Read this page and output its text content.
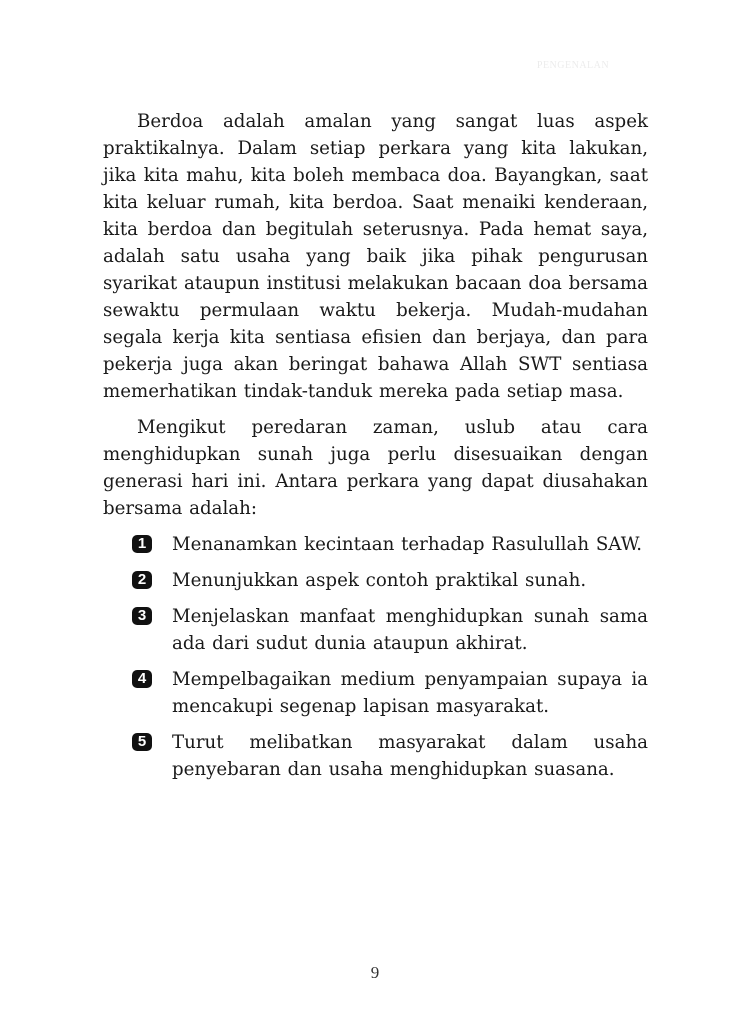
PENGENALAN

Berdoa adalah amalan yang sangat luas aspek praktikalnya. Dalam setiap perkara yang kita lakukan, jika kita mahu, kita boleh membaca doa. Bayangkan, saat kita keluar rumah, kita berdoa. Saat menaiki kenderaan, kita berdoa dan begitulah seterusnya. Pada hemat saya, adalah satu usaha yang baik jika pihak pengurusan syarikat ataupun institusi melakukan bacaan doa bersama sewaktu permulaan waktu bekerja. Mudah-mudahan segala kerja kita sentiasa efisien dan berjaya, dan para pekerja juga akan beringat bahawa Allah SWT sentiasa memerhatikan tindak-tanduk mereka pada setiap masa.

Mengikut peredaran zaman, uslub atau cara menghidupkan sunah juga perlu disesuaikan dengan generasi hari ini. Antara perkara yang dapat diusahakan bersama adalah:

1	Menanamkan kecintaan terhadap Rasulullah SAW.
2	Menunjukkan aspek contoh praktikal sunah.
3	Menjelaskan manfaat menghidupkan sunah sama ada dari sudut dunia ataupun akhirat.
4	Mempelbagaikan medium penyampaian supaya ia mencakupi segenap lapisan masyarakat.
5	Turut melibatkan masyarakat dalam usaha penyebaran dan usaha menghidupkan suasana.
9
